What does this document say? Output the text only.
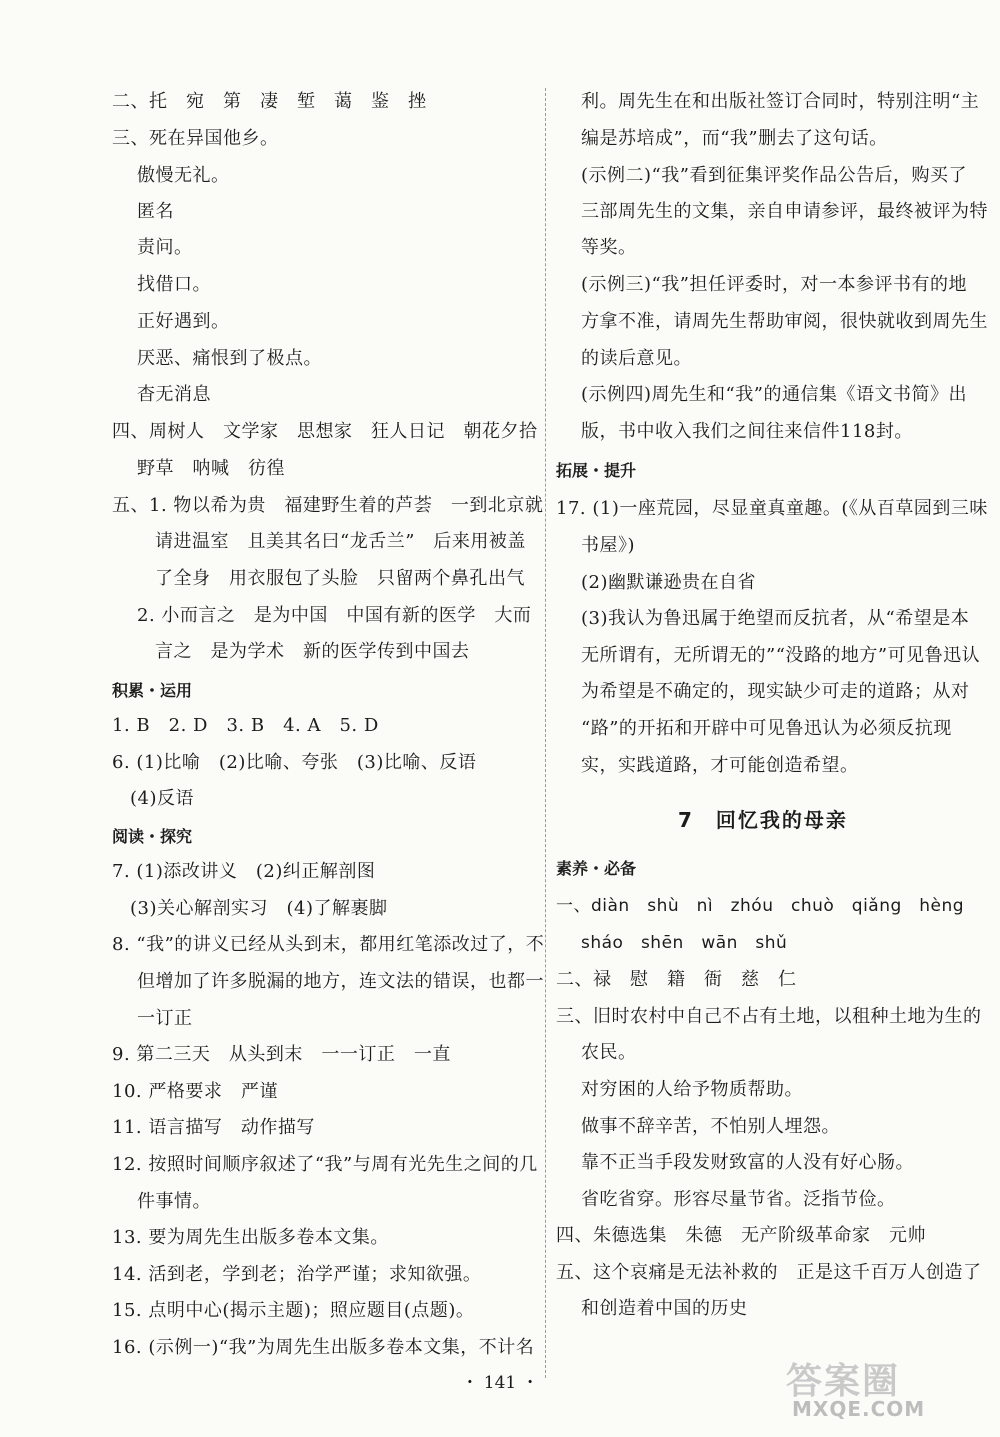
二、托　宛　第　凄　堑　蔼　鉴　挫
三、死在异国他乡。
傲慢无礼。
匿名
责问。
找借口。
正好遇到。
厌恶、痛恨到了极点。
杳无消息
四、周树人　文学家　思想家　狂人日记　朝花夕拾
野草　呐喊　彷徨
五、1. 物以希为贵　福建野生着的芦荟　一到北京就
请进温室　且美其名曰“龙舌兰”　后来用被盖
了全身　用衣服包了头脸　只留两个鼻孔出气
2. 小而言之　是为中国　中国有新的医学　大而
言之　是为学术　新的医学传到中国去
积累・运用
1. B　2. D　3. B　4. A　5. D
6. (1)比喻　(2)比喻、夸张　(3)比喻、反语
(4)反语
阅读・探究
7. (1)添改讲义　(2)纠正解剖图
(3)关心解剖实习　(4)了解裹脚
8. “我”的讲义已经从头到末，都用红笔添改过了，不
但增加了许多脱漏的地方，连文法的错误，也都一
一订正
9. 第二三天　从头到末　一一订正　一直
10. 严格要求　严谨
11. 语言描写　动作描写
12. 按照时间顺序叙述了“我”与周有光先生之间的几
件事情。
13. 要为周先生出版多卷本文集。
14. 活到老，学到老；治学严谨；求知欲强。
15. 点明中心(揭示主题)；照应题目(点题)。
16. (示例一)“我”为周先生出版多卷本文集，不计名
利。周先生在和出版社签订合同时，特别注明“主
编是苏培成”，而“我”删去了这句话。
(示例二)“我”看到征集评奖作品公告后，购买了
三部周先生的文集，亲自申请参评，最终被评为特
等奖。
(示例三)“我”担任评委时，对一本参评书有的地
方拿不准，请周先生帮助审阅，很快就收到周先生
的读后意见。
(示例四)周先生和“我”的通信集《语文书简》出
版，书中收入我们之间往来信件118封。
拓展・提升
17. (1)一座荒园，尽显童真童趣。(《从百草园到三味
书屋》)
(2)幽默谦逊贵在自省
(3)我认为鲁迅属于绝望而反抗者，从“希望是本
无所谓有，无所谓无的”“没路的地方”可见鲁迅认
为希望是不确定的，现实缺少可走的道路；从对
“路”的开拓和开辟中可见鲁迅认为必须反抗现
实，实践道路，才可能创造希望。
7　回忆我的母亲
素养・必备
一、diàn　shù　nì　zhóu　chuò　qiǎng　hèng
sháo　shēn　wān　shǔ
二、禄　慰　籍　衙　慈　仁
三、旧时农村中自己不占有土地，以租种土地为生的
农民。
对穷困的人给予物质帮助。
做事不辞辛苦，不怕别人埋怨。
靠不正当手段发财致富的人没有好心肠。
省吃省穿。形容尽量节省。泛指节俭。
四、朱德选集　朱德　无产阶级革命家　元帅
五、这个哀痛是无法补救的　正是这千百万人创造了
和创造着中国的历史
・ 141 ・	答案圈
MXQE.COM
